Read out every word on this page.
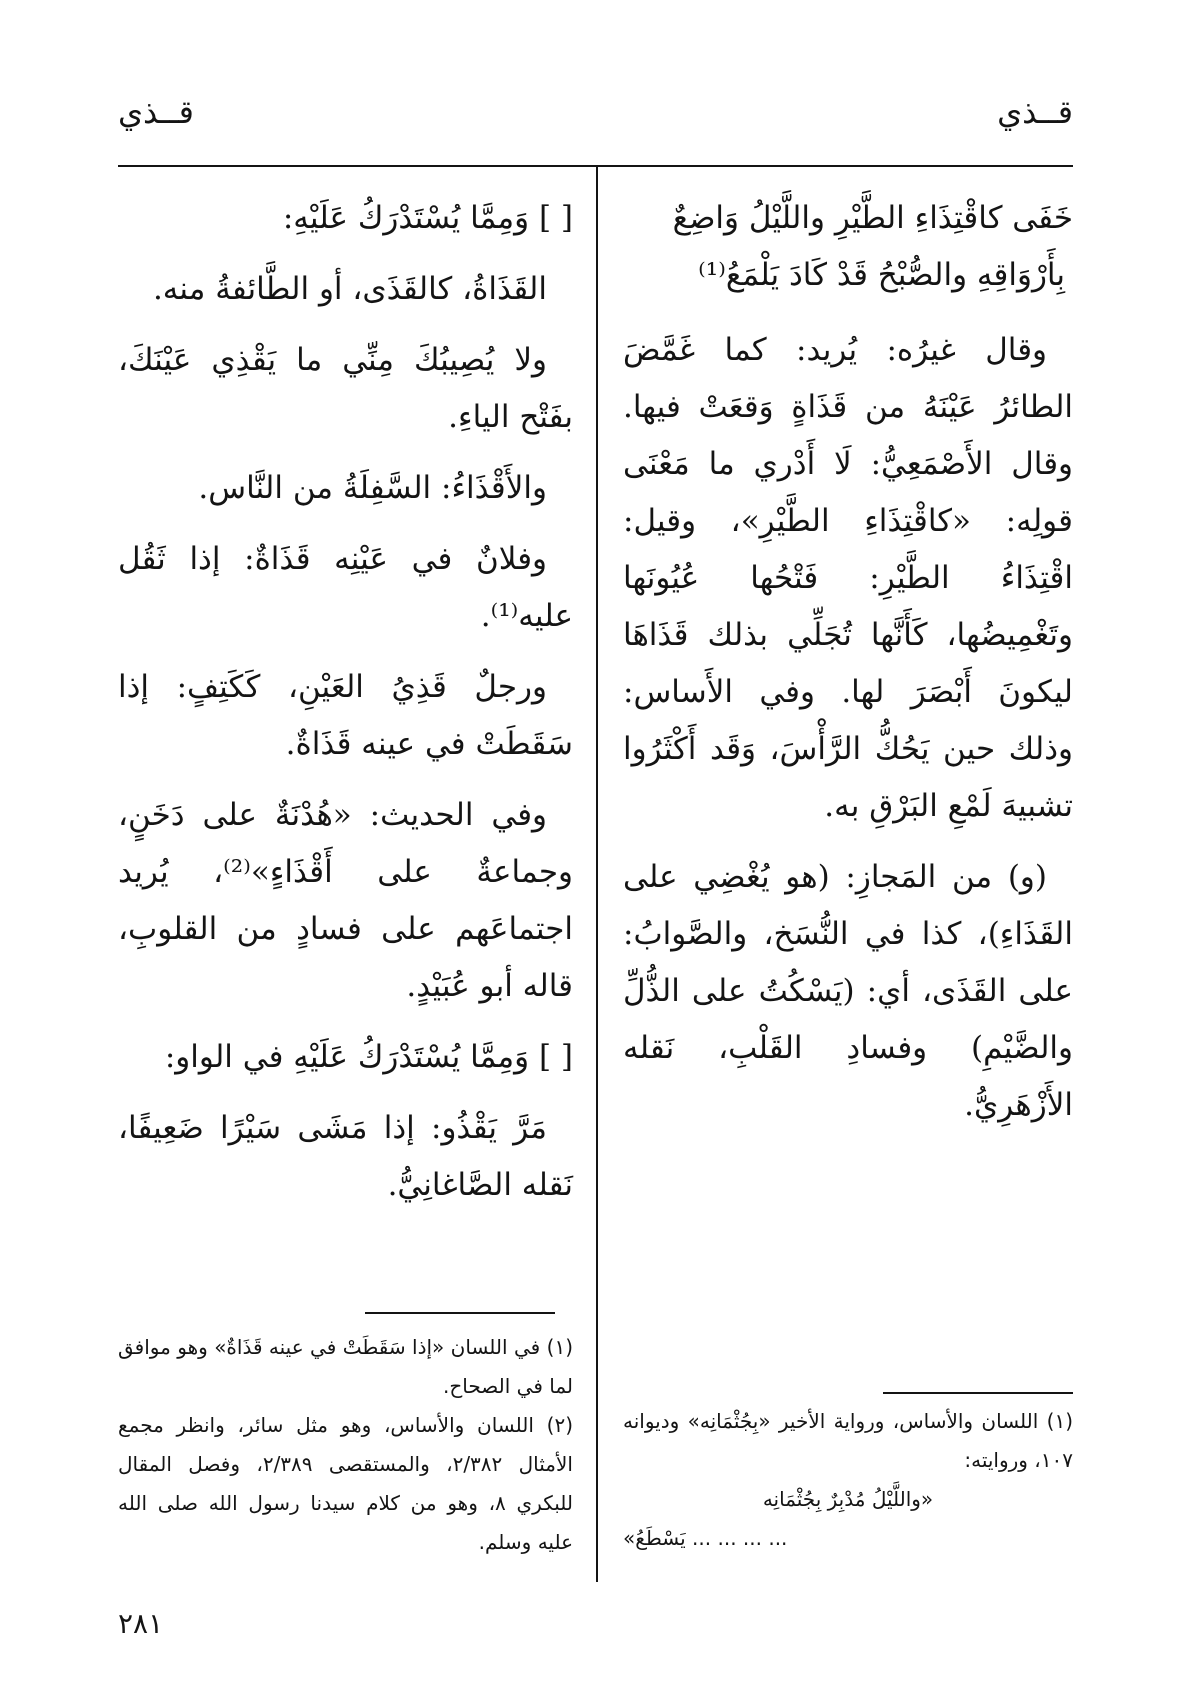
قــذي
قــذي

خَفَى كاقْتِذَاءِ الطَّيْرِ واللَّيْلُ وَاضِعٌ

بِأَرْوَاقِهِ والصُّبْحُ قَدْ كَادَ يَلْمَعُ⁽¹⁾

وقال غيرُه: يُريد: كما غَمَّضَ الطائرُ عَيْنَهُ من قَذَاةٍ وَقعَتْ فيها. وقال الأَصْمَعِيُّ: لَا أَدْري ما مَعْنَى قولِه: «كاقْتِذَاءِ الطَّيْرِ»، وقيل: اقْتِذَاءُ الطَّيْرِ: فَتْحُها عُيُونَها وتَغْمِيضُها، كَأَنَّها تُجَلِّي بذلك قَذَاهَا ليكونَ أَبْصَرَ لها. وفي الأَساس: وذلك حين يَحُكُّ الرَّأْسَ، وَقَد أَكْثَرُوا تشبيهَ لَمْعِ البَرْقِ به.

(و) من المَجازِ: (هو يُغْضِي على القَذَاءِ)، كذا في النُّسَخ، والصَّوابُ: على القَذَى، أي: (يَسْكُتُ على الذُّلِّ والضَّيْمِ) وفسادِ القَلْبِ، نَقله الأَزْهَرِيُّ.

[ ] وَمِمَّا يُسْتَدْرَكُ عَلَيْهِ:

القَذَاةُ، كالقَذَى، أو الطَّائفةُ منه.

ولا يُصِيبُكَ مِنِّي ما يَقْذِي عَيْنَكَ، بفَتْح الياءِ.

والأَقْذَاءُ: السَّفِلَةُ من النَّاس.

وفلانٌ في عَيْنِه قَذَاةٌ: إذا ثَقُل عليه⁽¹⁾.

ورجلٌ قَذِيُ العَيْنِ، كَكَتِفٍ: إذا سَقَطَتْ في عينه قَذَاةٌ.

وفي الحديث: «هُدْنَةٌ على دَخَنٍ، وجماعةٌ على أَقْذَاءٍ»⁽²⁾، يُريد اجتماعَهم على فسادٍ من القلوبِ، قاله أبو عُبَيْدٍ.

[ ] وَمِمَّا يُسْتَدْرَكُ عَلَيْهِ في الواو:

مَرَّ يَقْذُو: إذا مَشَى سَيْرًا ضَعِيفًا، نَقله الصَّاغانِيُّ.

(١) اللسان والأساس، ورواية الأخير «بِجُثْمَانِه» وديوانه ١٠٧، وروايته:

«واللَّيْلُ مُدْبِرٌ بِجُثْمَانِه

... ... ... ... يَسْطَعُ»

(١) في اللسان «إذا سَقَطَتْ في عينه قَذَاةٌ» وهو موافق لما في الصحاح.

(٢) اللسان والأساس، وهو مثل سائر، وانظر مجمع الأمثال ٢/٣٨٢، والمستقصى ٢/٣٨٩، وفصل المقال للبكري ٨، وهو من كلام سيدنا رسول الله صلى الله عليه وسلم.

٢٨١
